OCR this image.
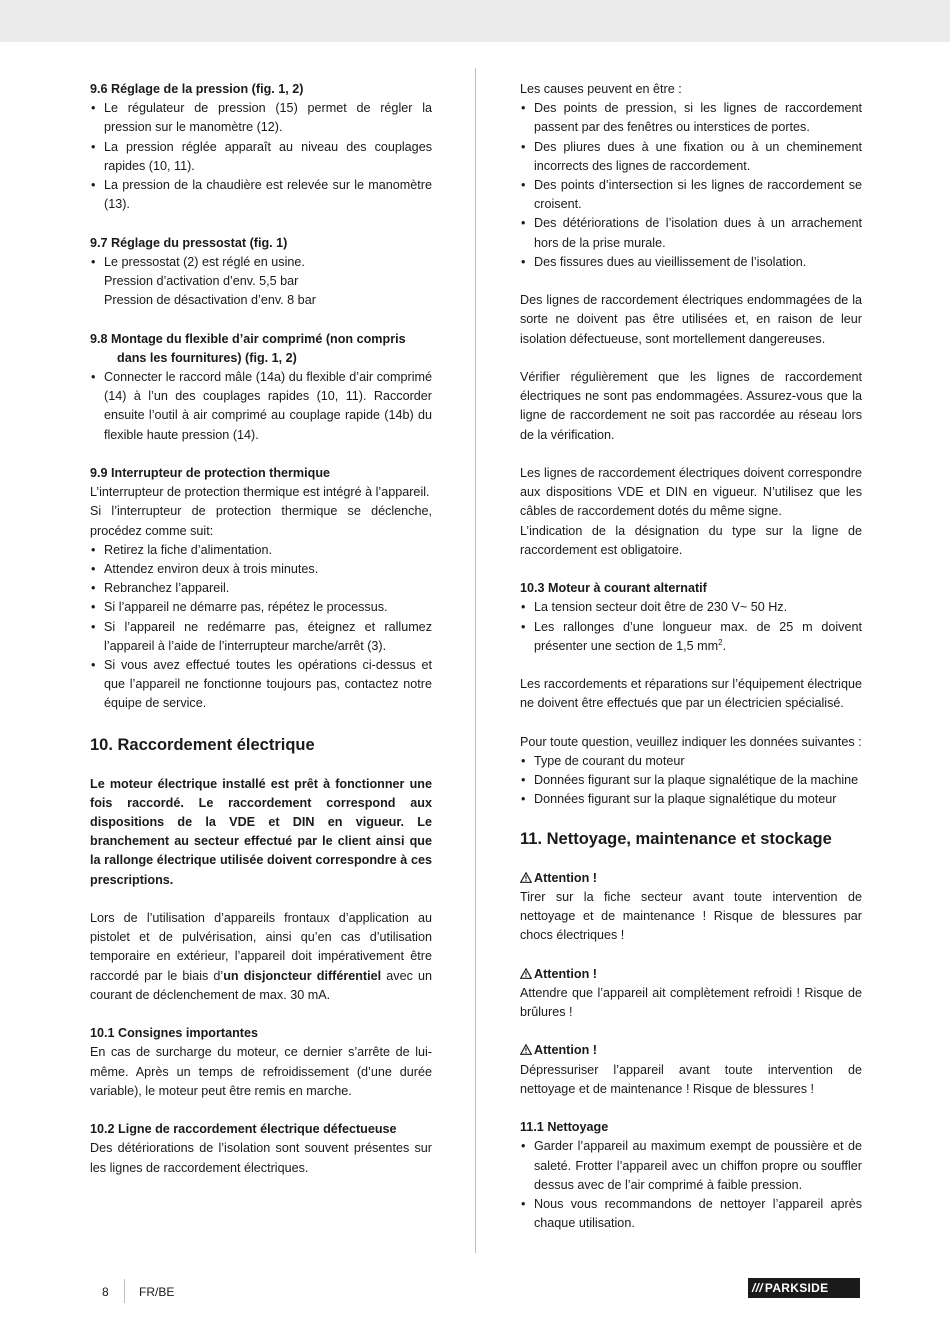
9.6 Réglage de la pression (fig. 1, 2)
• Le régulateur de pression (15) permet de régler la pression sur le manomètre (12).
• La pression réglée apparaît au niveau des couplages rapides (10, 11).
• La pression de la chaudière est relevée sur le manomètre (13).
9.7 Réglage du pressostat (fig. 1)
• Le pressostat (2) est réglé en usine.

Pression d’activation d’env. 5,5 bar

Pression de désactivation d’env. 8 bar

9.8 Montage du flexible d’air comprimé (non compris dans les fournitures) (fig. 1, 2)
• Connecter le raccord mâle (14a) du flexible d’air comprimé (14) à l’un des couplages rapides (10, 11). Raccorder ensuite l’outil à air comprimé au couplage rapide (14b) du flexible haute pression (14).
9.9 Interrupteur de protection thermique

L’interrupteur de protection thermique est intégré à l’appareil.

Si l’interrupteur de protection thermique se déclenche, procédez comme suit:

• Retirez la fiche d’alimentation.
• Attendez environ deux à trois minutes.
• Rebranchez l’appareil.
• Si l’appareil ne démarre pas, répétez le processus.
• Si l’appareil ne redémarre pas, éteignez et rallumez l’appareil à l’aide de l’interrupteur marche/arrêt (3).
• Si vous avez effectué toutes les opérations ci-dessus et que l’appareil ne fonctionne toujours pas, contactez notre équipe de service.
10. Raccordement électrique

Le moteur électrique installé est prêt à fonctionner une fois raccordé. Le raccordement correspond aux dispositions de la VDE et DIN en vigueur. Le branchement au secteur effectué par le client ainsi que la rallonge électrique utilisée doivent correspondre à ces prescriptions.

Lors de l’utilisation d’appareils frontaux d’application au pistolet et de pulvérisation, ainsi qu’en cas d’utilisation temporaire en extérieur, l’appareil doit impérativement être raccordé par le biais d’un disjoncteur différentiel avec un courant de déclenchement de max. 30 mA.

10.1 Consignes importantes

En cas de surcharge du moteur, ce dernier s’arrête de lui-même. Après un temps de refroidissement (d’une durée variable), le moteur peut être remis en marche.

10.2 Ligne de raccordement électrique défectueuse

Des détériorations de l’isolation sont souvent présentes sur les lignes de raccordement électriques.

Les causes peuvent en être :

• Des points de pression, si les lignes de raccordement passent par des fenêtres ou interstices de portes.
• Des pliures dues à une fixation ou à un cheminement incorrects des lignes de raccordement.
• Des points d’intersection si les lignes de raccordement se croisent.
• Des détériorations de l’isolation dues à un arrachement hors de la prise murale.
• Des fissures dues au vieillissement de l’isolation.

Des lignes de raccordement électriques endommagées de la sorte ne doivent pas être utilisées et, en raison de leur isolation défectueuse, sont mortellement dangereuses.

Vérifier régulièrement que les lignes de raccordement électriques ne sont pas endommagées. Assurez-vous que la ligne de raccordement ne soit pas raccordée au réseau lors de la vérification.

Les lignes de raccordement électriques doivent correspondre aux dispositions VDE et DIN en vigueur. N’utilisez que les câbles de raccordement dotés du même signe.

L’indication de la désignation du type sur la ligne de raccordement est obligatoire.

10.3 Moteur à courant alternatif
• La tension secteur doit être de 230 V~ 50 Hz.
• Les rallonges d’une longueur max. de 25 m doivent présenter une section de 1,5 $mm^2$.

Les raccordements et réparations sur l’équipement électrique ne doivent être effectués que par un électricien spécialisé.

Pour toute question, veuillez indiquer les données suivantes :

• Type de courant du moteur
• Données figurant sur la plaque signalétique de la machine
• Données figurant sur la plaque signalétique du moteur
11. Nettoyage, maintenance et stockage
Attention !

Tirer sur la fiche secteur avant toute intervention de nettoyage et de maintenance ! Risque de blessures par chocs électriques !

Attention !

Attendre que l’appareil ait complètement refroidi ! Risque de brûlures !

Attention !

Dépressuriser l’appareil avant toute intervention de nettoyage et de maintenance ! Risque de blessures !

11.1 Nettoyage
• Garder l’appareil au maximum exempt de poussière et de saleté. Frotter l’appareil avec un chiffon propre ou souffler dessus avec de l’air comprimé à faible pression.
• Nous vous recommandons de nettoyer l’appareil après chaque utilisation.
8	FR/BE	/// PARKSIDE
